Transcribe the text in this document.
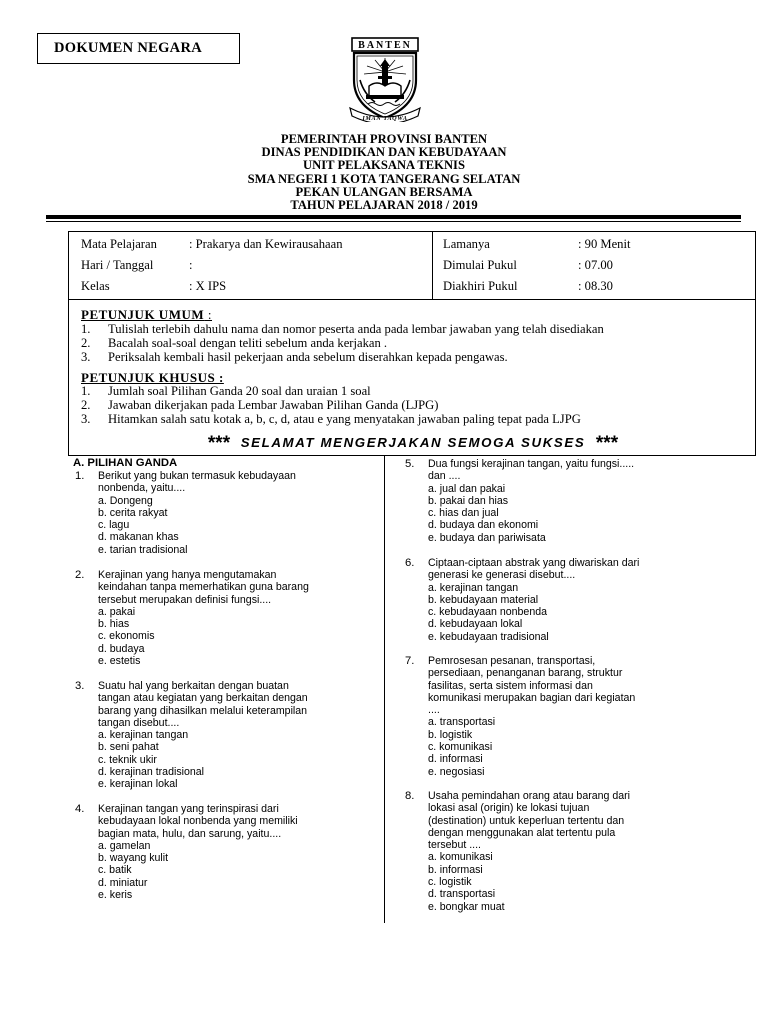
DOKUMEN NEGARA	BANTEN
IMAN TAQWA
PEMERINTAH PROVINSI BANTEN
DINAS PENDIDIKAN DAN KEBUDAYAAN
UNIT PELAKSANA TEKNIS
SMA NEGERI 1 KOTA TANGERANG SELATAN
PEKAN ULANGAN BERSAMA
TAHUN PELAJARAN 2018 / 2019
Mata Pelajaran	: Prakarya dan Kewirausahaan
Hari / Tanggal	:
Kelas	: X IPS
Lamanya	: 90 Menit
Dimulai Pukul	: 07.00
Diakhiri Pukul	: 08.30
PETUNJUK UMUM :
1. Tulislah terlebih dahulu nama dan nomor peserta anda pada lembar jawaban yang telah disediakan
2. Bacalah soal-soal dengan teliti sebelum anda kerjakan .
3. Periksalah kembali hasil pekerjaan anda sebelum diserahkan kepada pengawas.
PETUNJUK KHUSUS :
1. Jumlah soal Pilihan Ganda 20 soal dan uraian 1 soal
2. Jawaban dikerjakan pada Lembar Jawaban Pilihan Ganda (LJPG)
3. Hitamkan salah satu kotak a, b, c, d, atau e yang menyatakan jawaban paling tepat pada LJPG
*** SELAMAT MENGERJAKAN SEMOGA SUKSES ***
A. PILIHAN GANDA
1. Berikut yang bukan termasuk kebudayaan
nonbenda, yaitu....
a. Dongeng
b. cerita rakyat
c. lagu
d. makanan khas
e. tarian tradisional
2. Kerajinan yang hanya mengutamakan
keindahan tanpa memerhatikan guna barang
tersebut merupakan definisi fungsi....
a. pakai
b. hias
c. ekonomis
d. budaya
e. estetis
3. Suatu hal yang berkaitan dengan buatan
tangan atau kegiatan yang berkaitan dengan
barang yang dihasilkan melalui keterampilan
tangan disebut....
a. kerajinan tangan
b. seni pahat
c. teknik ukir
d. kerajinan tradisional
e. kerajinan lokal
4. Kerajinan tangan yang terinspirasi dari
kebudayaan lokal nonbenda yang memiliki
bagian mata, hulu, dan sarung, yaitu....
a. gamelan
b. wayang kulit
c. batik
d. miniatur
e. keris
5. Dua fungsi kerajinan tangan, yaitu fungsi.....
dan ....
a. jual dan pakai
b. pakai dan hias
c. hias dan jual
d. budaya dan ekonomi
e. budaya dan pariwisata
6. Ciptaan-ciptaan abstrak yang diwariskan dari
generasi ke generasi disebut....
a. kerajinan tangan
b. kebudayaan material
c. kebudayaan nonbenda
d. kebudayaan lokal
e. kebudayaan tradisional
7. Pemrosesan pesanan, transportasi,
persediaan, penanganan barang, struktur
fasilitas, serta sistem informasi dan
komunikasi merupakan bagian dari kegiatan
....
a. transportasi
b. logistik
c. komunikasi
d. informasi
e. negosiasi
8. Usaha pemindahan orang atau barang dari
lokasi asal (origin) ke lokasi tujuan
(destination) untuk keperluan tertentu dan
dengan menggunakan alat tertentu pula
tersebut ....
a. komunikasi
b. informasi
c. logistik
d. transportasi
e. bongkar muat
